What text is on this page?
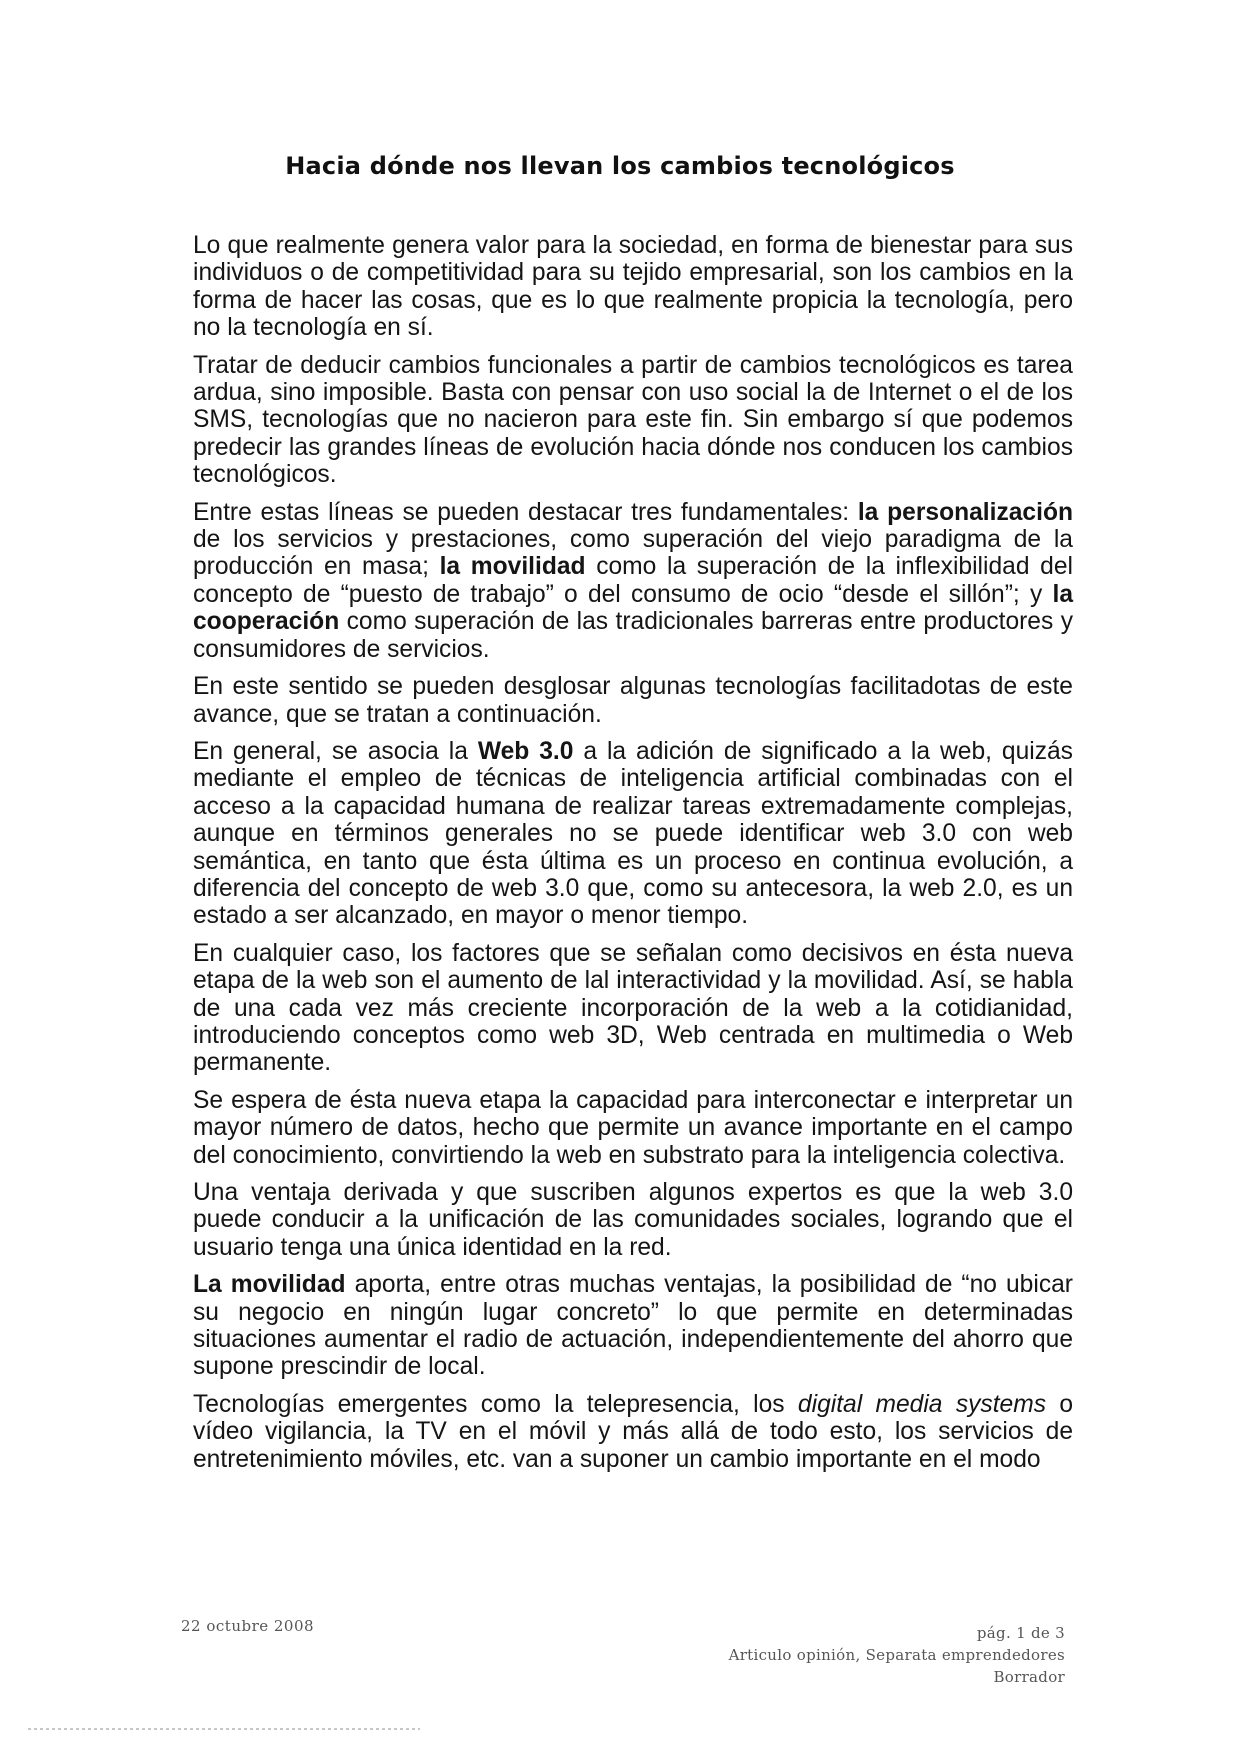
Hacia dónde nos llevan los cambios tecnológicos

Lo que realmente genera valor para la sociedad, en forma de bienestar para sus individuos o de competitividad para su tejido empresarial, son los cambios en la forma de hacer las cosas, que es lo que realmente propicia la tecnología, pero no la tecnología en sí.

Tratar de deducir cambios funcionales a partir de cambios tecnológicos es tarea ardua, sino imposible. Basta con pensar con uso social la de Internet o el de los SMS, tecnologías que no nacieron para este fin. Sin embargo sí que podemos predecir las grandes líneas de evolución hacia dónde nos conducen los cambios tecnológicos.

Entre estas líneas se pueden destacar tres fundamentales: la personalización de los servicios y prestaciones, como superación del viejo paradigma de la producción en masa; la movilidad como la superación de la inflexibilidad del concepto de “puesto de trabajo” o del consumo de ocio “desde el sillón”; y la cooperación como superación de las tradicionales barreras entre productores y consumidores de servicios.

En este sentido se pueden desglosar algunas tecnologías facilitadotas de este avance, que se tratan a continuación.

En general, se asocia la Web 3.0 a la adición de significado a la web, quizás mediante el empleo de técnicas de inteligencia artificial combinadas con el acceso a la capacidad humana de realizar tareas extremadamente complejas, aunque en términos generales no se puede identificar web 3.0 con web semántica, en tanto que ésta última es un proceso en continua evolución, a diferencia del concepto de web 3.0 que, como su antecesora, la web 2.0, es un estado a ser alcanzado, en mayor o menor tiempo.

En cualquier caso, los factores que se señalan como decisivos en ésta nueva etapa de la web son el aumento de lal interactividad y la movilidad. Así, se habla de una cada vez más creciente incorporación de la web a la cotidianidad, introduciendo conceptos como web 3D, Web centrada en multimedia o Web permanente.

Se espera de ésta nueva etapa la capacidad para interconectar e interpretar un mayor número de datos, hecho que permite un avance importante en el campo del conocimiento, convirtiendo la web en substrato para la inteligencia colectiva.

Una ventaja derivada y que suscriben algunos expertos es que la web 3.0 puede conducir a la unificación de las comunidades sociales, logrando que el usuario tenga una única identidad en la red.

La movilidad aporta, entre otras muchas ventajas, la posibilidad de “no ubicar su negocio en ningún lugar concreto” lo que permite en determinadas situaciones aumentar el radio de actuación, independientemente del ahorro que supone prescindir de local.

Tecnologías emergentes como la telepresencia, los digital media systems o vídeo vigilancia, la TV en el móvil y más allá de todo esto, los servicios de entretenimiento móviles, etc. van a suponer un cambio importante en el modo

22 octubre 2008	pág. 1 de 3
Articulo opinión, Separata emprendedores
Borrador
